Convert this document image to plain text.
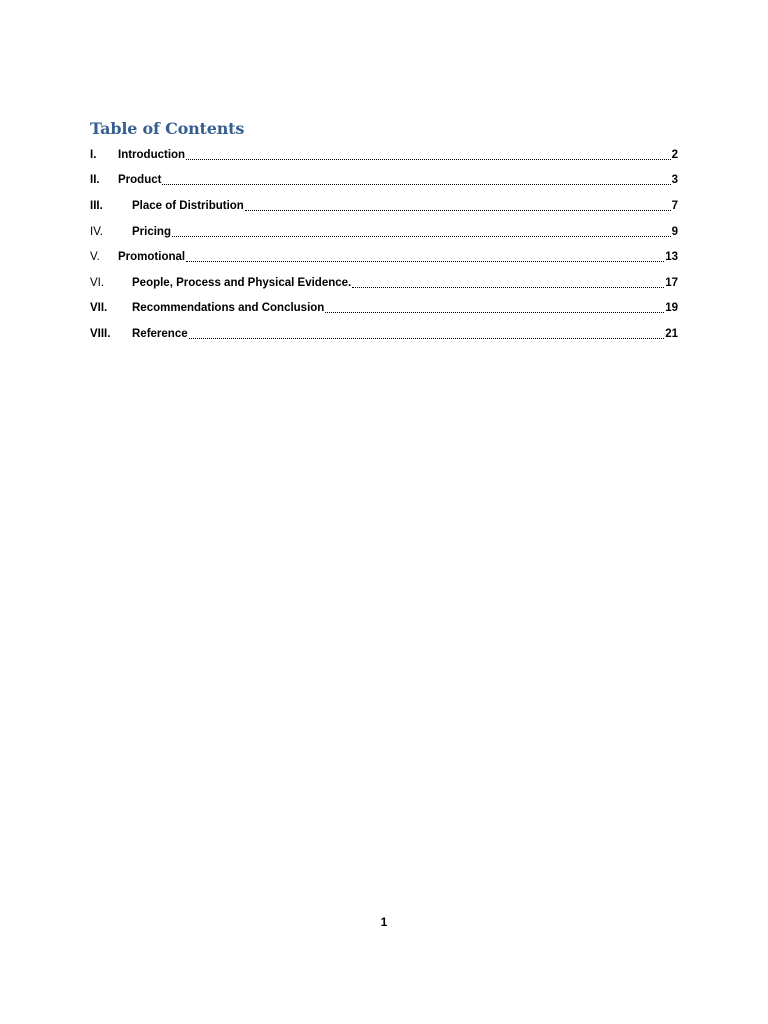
Table of Contents
I.	Introduction	2
II.	Product	3
III.	Place of Distribution	7
IV.	Pricing	9
V.	Promotional	13
VI.	People, Process and Physical Evidence.	17
VII.	Recommendations and Conclusion	19
VIII.	Reference	21
1
